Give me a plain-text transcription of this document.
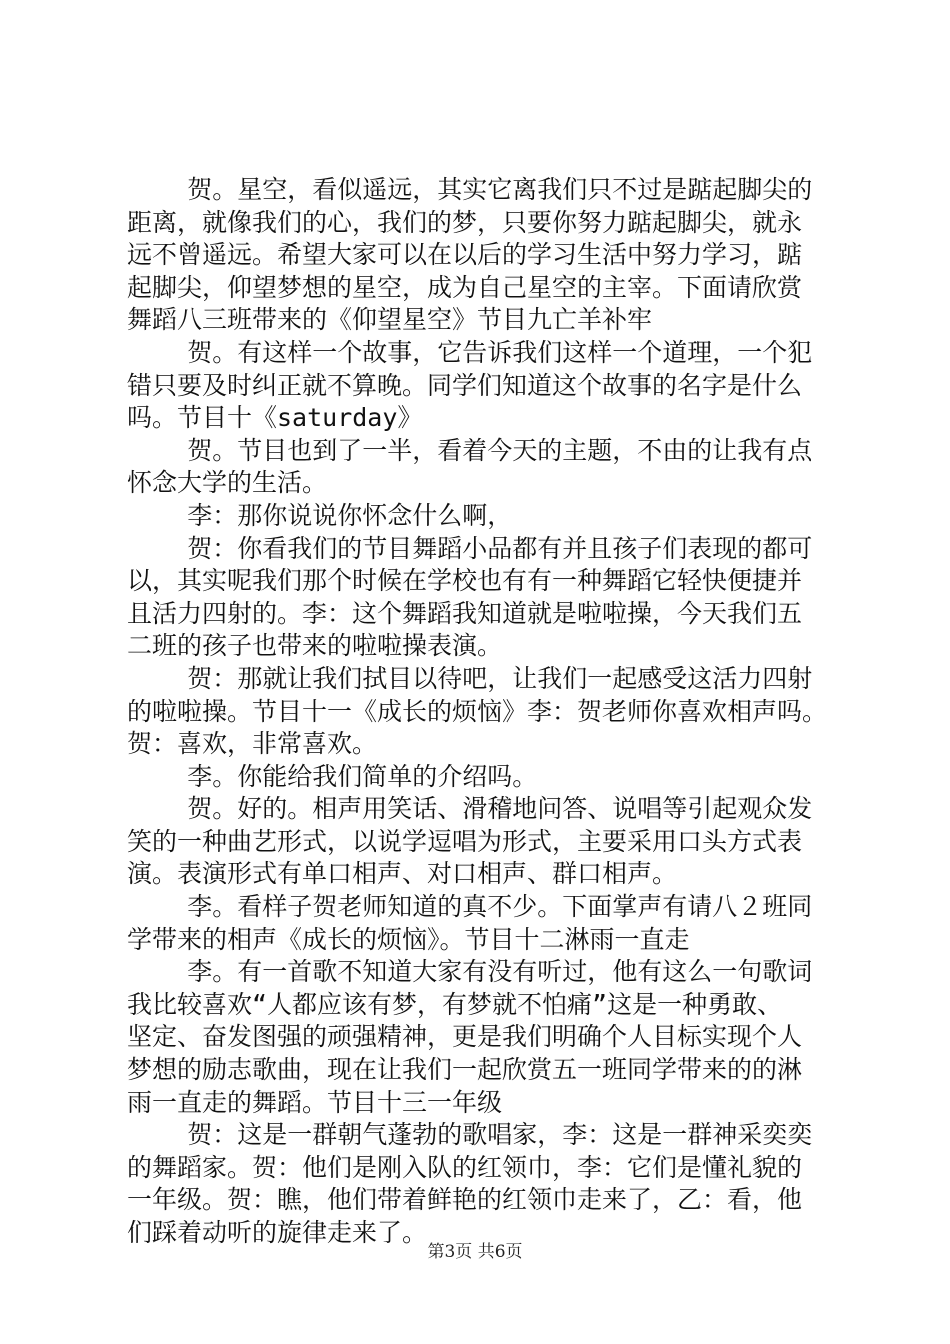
贺。星空，看似遥远，其实它离我们只不过是踮起脚尖的
距离，就像我们的心，我们的梦，只要你努力踮起脚尖，就永
远不曾遥远。希望大家可以在以后的学习生活中努力学习，踮
起脚尖，仰望梦想的星空，成为自己星空的主宰。下面请欣赏
舞蹈八三班带来的《仰望星空》节目九亡羊补牢
贺。有这样一个故事，它告诉我们这样一个道理，一个犯
错只要及时纠正就不算晚。同学们知道这个故事的名字是什么
吗。节目十《saturday》
贺。节目也到了一半，看着今天的主题，不由的让我有点
怀念大学的生活。
李：那你说说你怀念什么啊，
贺：你看我们的节目舞蹈小品都有并且孩子们表现的都可
以，其实呢我们那个时候在学校也有有一种舞蹈它轻快便捷并
且活力四射的。李：这个舞蹈我知道就是啦啦操，今天我们五
二班的孩子也带来的啦啦操表演。
贺：那就让我们拭目以待吧，让我们一起感受这活力四射
的啦啦操。节目十一《成长的烦恼》李：贺老师你喜欢相声吗。
贺：喜欢，非常喜欢。
李。你能给我们简单的介绍吗。
贺。好的。相声用笑话、滑稽地问答、说唱等引起观众发
笑的一种曲艺形式，以说学逗唱为形式，主要采用口头方式表
演。表演形式有单口相声、对口相声、群口相声。
李。看样子贺老师知道的真不少。下面掌声有请八２班同
学带来的相声《成长的烦恼》。节目十二淋雨一直走
李。有一首歌不知道大家有没有听过，他有这么一句歌词
我比较喜欢“人都应该有梦，有梦就不怕痛”这是一种勇敢、
坚定、奋发图强的顽强精神，更是我们明确个人目标实现个人
梦想的励志歌曲，现在让我们一起欣赏五一班同学带来的的淋
雨一直走的舞蹈。节目十三一年级
贺：这是一群朝气蓬勃的歌唱家，李：这是一群神采奕奕
的舞蹈家。贺：他们是刚入队的红领巾，李：它们是懂礼貌的
一年级。贺：瞧，他们带着鲜艳的红领巾走来了，乙：看，他
们踩着动听的旋律走来了。
第3页 共6页
